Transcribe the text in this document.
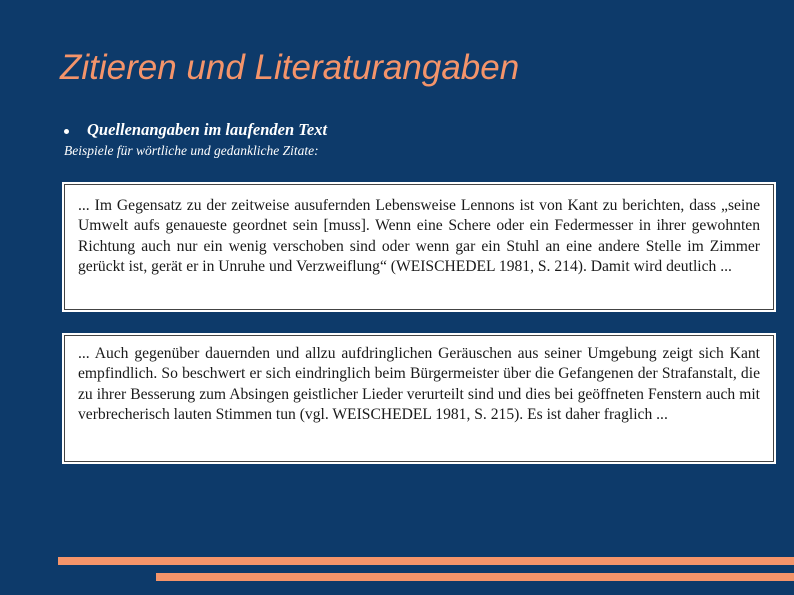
Zitieren und Literaturangaben
Quellenangaben im laufenden Text
Beispiele für wörtliche und gedankliche Zitate:
... Im Gegensatz zu der zeitweise ausufernden Lebensweise Lennons ist von Kant zu berichten, dass „seine Umwelt aufs genaueste geordnet sein [muss]. Wenn eine Schere oder ein Federmesser in ihrer gewohnten Richtung auch nur ein wenig verschoben sind oder wenn gar ein Stuhl an eine andere Stelle im Zimmer gerückt ist, gerät er in Unruhe und Verzweiflung“ (WEISCHEDEL 1981, S. 214). Damit wird deutlich ...
... Auch gegenüber dauernden und allzu aufdringlichen Geräuschen aus seiner Umgebung zeigt sich Kant empfindlich. So beschwert er sich eindringlich beim Bürgermeister über die Gefangenen der Strafanstalt, die zu ihrer Besserung zum Absingen geistlicher Lieder verurteilt sind und dies bei geöffneten Fenstern auch mit verbrecherisch lauten Stimmen tun (vgl. WEISCHEDEL 1981, S. 215). Es ist daher fraglich ...
